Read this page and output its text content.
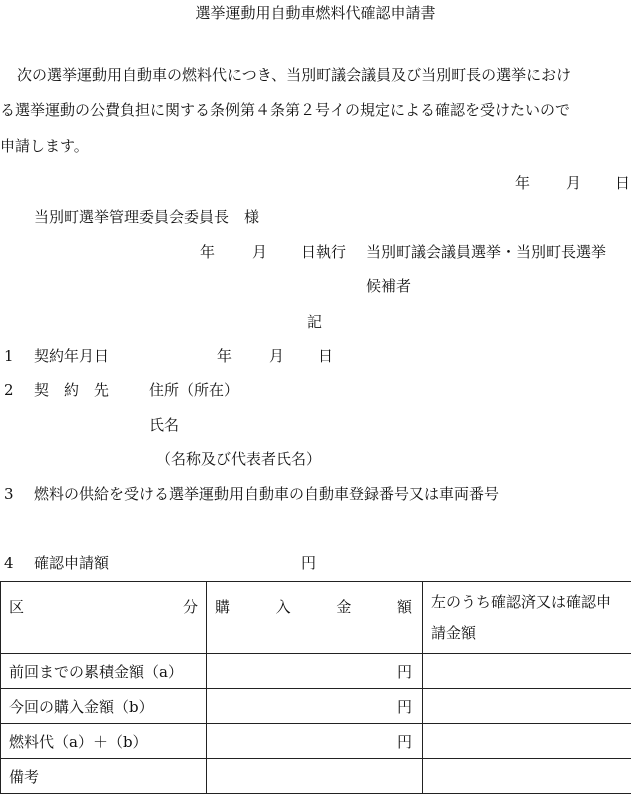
選挙運動用自動車燃料代確認申請書
次の選挙運動用自動車の燃料代につき、当別町議会議員及び当別町長の選挙におけ
る選挙運動の公費負担に関する条例第４条第２号イの規定による確認を受けたいので
申請します。
年 月 日
当別町選挙管理委員会委員長　様
年 月 日執行 当別町議会議員選挙・当別町長選挙
候補者
記
1 契約年月日	年 月 日
2 契　約　先	住所（所在）
氏名
（名称及び代表者氏名）
3 燃料の供給を受ける選挙運動用自動車の自動車登録番号又は車両番号
4 確認申請額	円
区 分	購 入 金 額	左のうち確認済又は確認申請金額

前回までの累積金額（a）	円	

今回の購入金額（b）	円	

燃料代（a）＋（b）	円	

備考		
